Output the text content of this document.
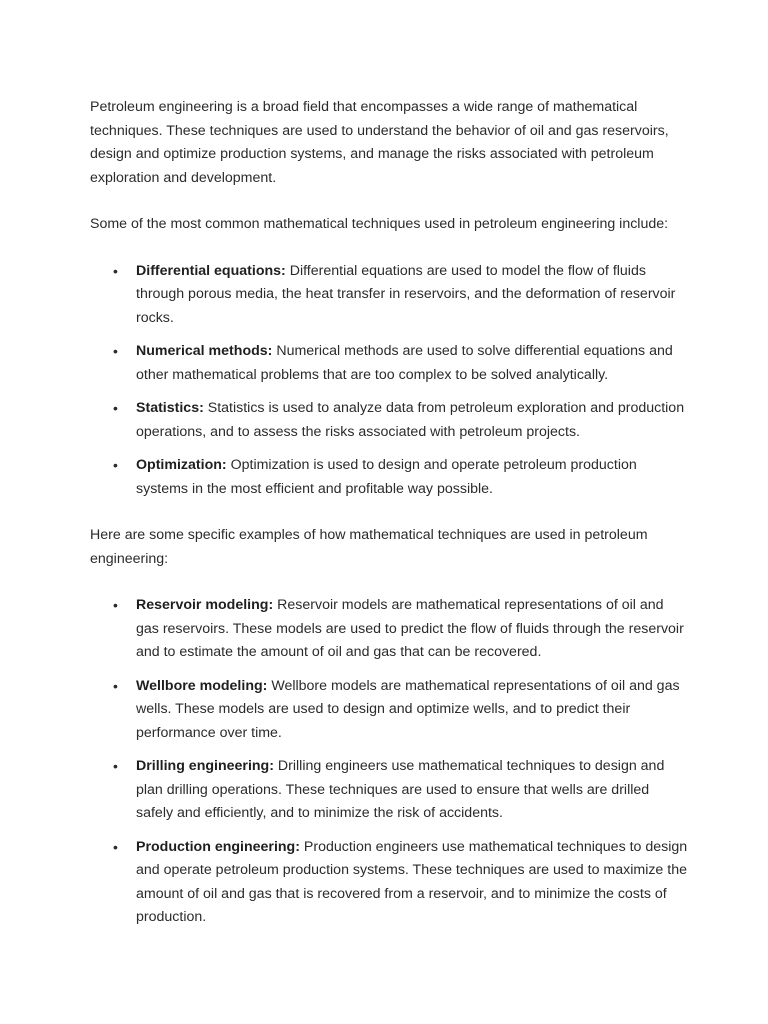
Petroleum engineering is a broad field that encompasses a wide range of mathematical techniques. These techniques are used to understand the behavior of oil and gas reservoirs, design and optimize production systems, and manage the risks associated with petroleum exploration and development.

Some of the most common mathematical techniques used in petroleum engineering include:

• Differential equations: Differential equations are used to model the flow of fluids through porous media, the heat transfer in reservoirs, and the deformation of reservoir rocks.
• Numerical methods: Numerical methods are used to solve differential equations and other mathematical problems that are too complex to be solved analytically.
• Statistics: Statistics is used to analyze data from petroleum exploration and production operations, and to assess the risks associated with petroleum projects.
• Optimization: Optimization is used to design and operate petroleum production systems in the most efficient and profitable way possible.

Here are some specific examples of how mathematical techniques are used in petroleum engineering:

• Reservoir modeling: Reservoir models are mathematical representations of oil and gas reservoirs. These models are used to predict the flow of fluids through the reservoir and to estimate the amount of oil and gas that can be recovered.
• Wellbore modeling: Wellbore models are mathematical representations of oil and gas wells. These models are used to design and optimize wells, and to predict their performance over time.
• Drilling engineering: Drilling engineers use mathematical techniques to design and plan drilling operations. These techniques are used to ensure that wells are drilled safely and efficiently, and to minimize the risk of accidents.
• Production engineering: Production engineers use mathematical techniques to design and operate petroleum production systems. These techniques are used to maximize the amount of oil and gas that is recovered from a reservoir, and to minimize the costs of production.
